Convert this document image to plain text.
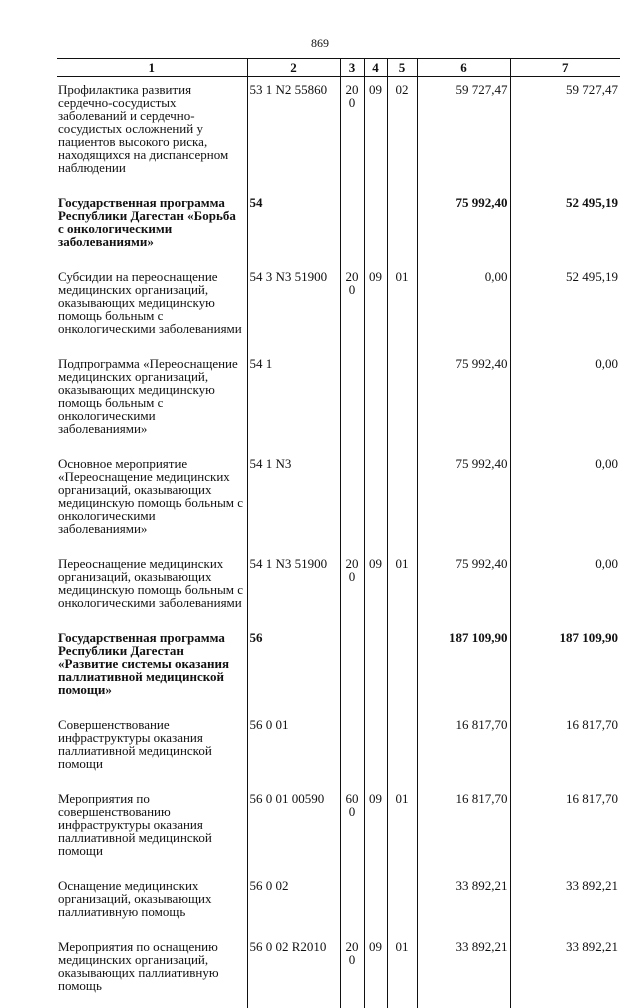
869
1	2	3	4	5	6	7
Профилактика развития сердечно-сосудистых заболеваний и сердечно-сосудистых осложнений у пациентов высокого риска, находящихся на диспансерном наблюдении	53 1 N2 55860	200	09	02	59 727,47	59 727,47
Государственная программа Республики Дагестан «Борьба с онкологическими заболеваниями»	54				75 992,40	52 495,19
Субсидии на переоснащение медицинских организаций, оказывающих медицинскую помощь больным с онкологическими заболеваниями	54 3 N3 51900	200	09	01	0,00	52 495,19
Подпрограмма «Переоснащение медицинских организаций, оказывающих медицинскую помощь больным с онкологическими заболеваниями»	54 1				75 992,40	0,00
Основное мероприятие «Переоснащение медицинских организаций, оказывающих медицинскую помощь больным с онкологическими заболеваниями»	54 1 N3				75 992,40	0,00
Переоснащение медицинских организаций, оказывающих медицинскую помощь больным с онкологическими заболеваниями	54 1 N3 51900	200	09	01	75 992,40	0,00
Государственная программа Республики Дагестан «Развитие системы оказания паллиативной медицинской помощи»	56				187 109,90	187 109,90
Совершенствование инфраструктуры оказания паллиативной медицинской помощи	56 0 01				16 817,70	16 817,70
Мероприятия по совершенствованию инфраструктуры оказания паллиативной медицинской помощи	56 0 01 00590	600	09	01	16 817,70	16 817,70
Оснащение медицинских организаций, оказывающих паллиативную помощь	56 0 02				33 892,21	33 892,21
Мероприятия по оснащению медицинских организаций, оказывающих паллиативную помощь	56 0 02 R2010	200	09	01	33 892,21	33 892,21
